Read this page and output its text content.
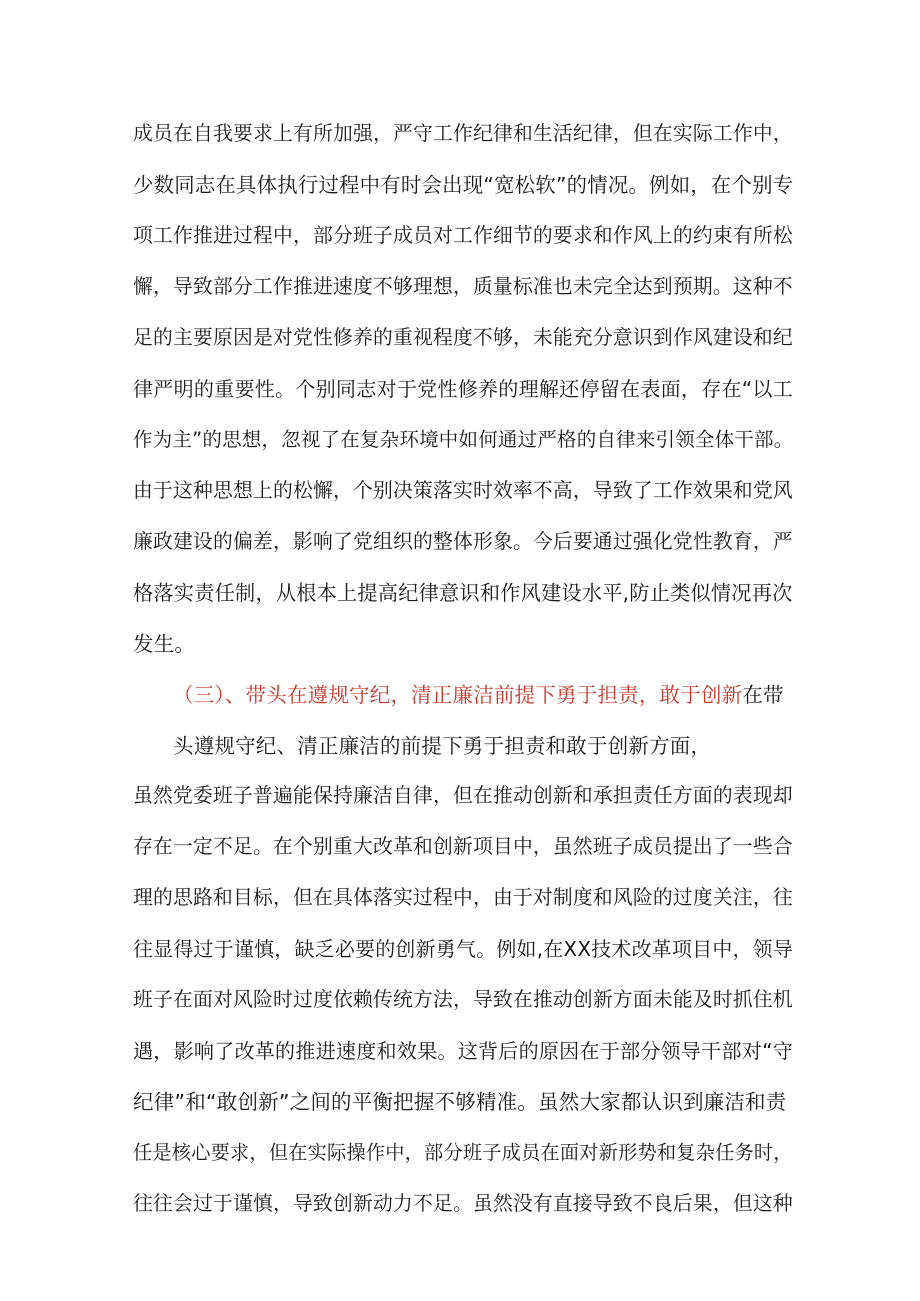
成员在自我要求上有所加强，严守工作纪律和生活纪律，但在实际工作中，
少数同志在具体执行过程中有时会出现“宽松软”的情况。例如，在个别专
项工作推进过程中，部分班子成员对工作细节的要求和作风上的约束有所松
懈，导致部分工作推进速度不够理想，质量标准也未完全达到预期。这种不
足的主要原因是对党性修养的重视程度不够，未能充分意识到作风建设和纪
律严明的重要性。个别同志对于党性修养的理解还停留在表面，存在“以工
作为主”的思想，忽视了在复杂环境中如何通过严格的自律来引领全体干部。
由于这种思想上的松懈，个别决策落实时效率不高，导致了工作效果和党风
廉政建设的偏差，影响了党组织的整体形象。今后要通过强化党性教育，严
格落实责任制，从根本上提高纪律意识和作风建设水平,防止类似情况再次
发生。
（三）、带头在遵规守纪，清正廉洁前提下勇于担责，敢于创新在带
头遵规守纪、清正廉洁的前提下勇于担责和敢于创新方面，
虽然党委班子普遍能保持廉洁自律，但在推动创新和承担责任方面的表现却
存在一定不足。在个别重大改革和创新项目中，虽然班子成员提出了一些合
理的思路和目标，但在具体落实过程中，由于对制度和风险的过度关注，往
往显得过于谨慎，缺乏必要的创新勇气。例如,在XX技术改革项目中，领导
班子在面对风险时过度依赖传统方法，导致在推动创新方面未能及时抓住机
遇，影响了改革的推进速度和效果。这背后的原因在于部分领导干部对“守
纪律”和“敢创新”之间的平衡把握不够精准。虽然大家都认识到廉洁和责
任是核心要求，但在实际操作中，部分班子成员在面对新形势和复杂任务时，
往往会过于谨慎，导致创新动力不足。虽然没有直接导致不良后果，但这种
